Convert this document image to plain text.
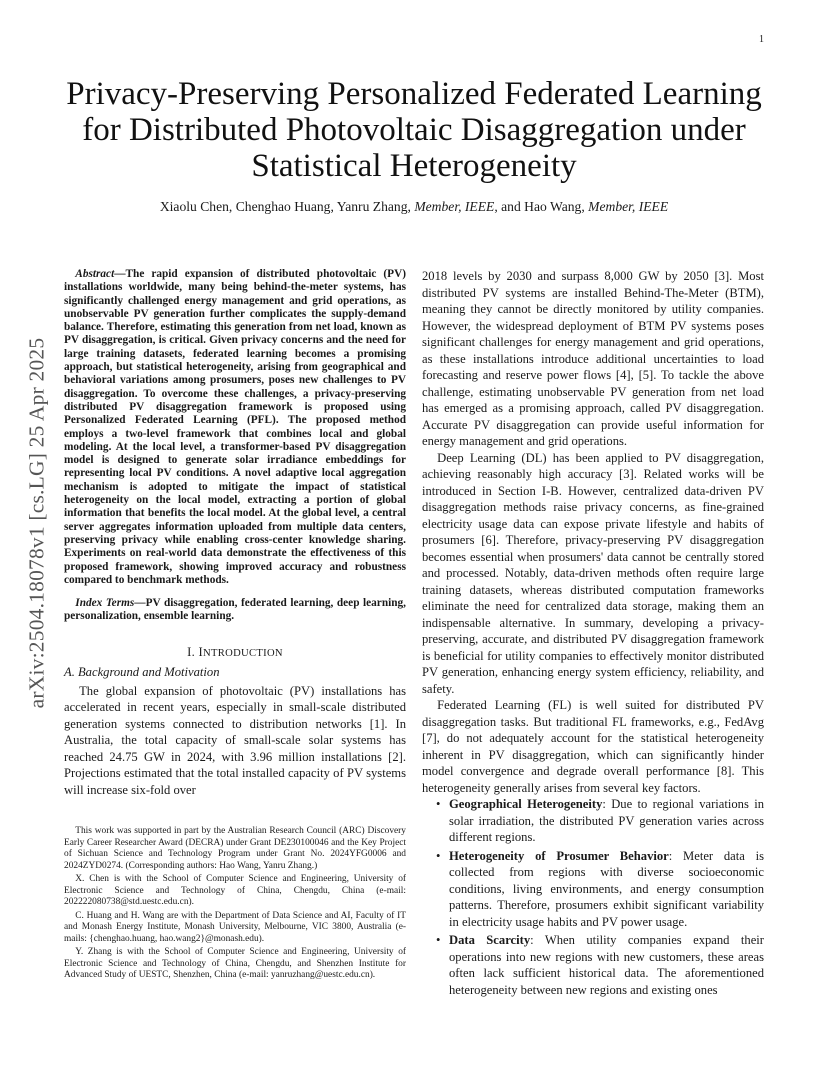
1
arXiv:2504.18078v1 [cs.LG] 25 Apr 2025
Privacy-Preserving Personalized Federated Learning
for Distributed Photovoltaic Disaggregation under
Statistical Heterogeneity
Xiaolu Chen, Chenghao Huang, Yanru Zhang, Member, IEEE, and Hao Wang, Member, IEEE

Abstract—The rapid expansion of distributed photovoltaic (PV) installations worldwide, many being behind-the-meter systems, has significantly challenged energy management and grid operations, as unobservable PV generation further complicates the supply-demand balance. Therefore, estimating this generation from net load, known as PV disaggregation, is critical. Given privacy concerns and the need for large training datasets, federated learning becomes a promising approach, but statistical heterogeneity, arising from geographical and behavioral variations among prosumers, poses new challenges to PV disaggregation. To overcome these challenges, a privacy-preserving distributed PV disaggregation framework is proposed using Personalized Federated Learning (PFL). The proposed method employs a two-level framework that combines local and global modeling. At the local level, a transformer-based PV disaggregation model is designed to generate solar irradiance embeddings for representing local PV conditions. A novel adaptive local aggregation mechanism is adopted to mitigate the impact of statistical heterogeneity on the local model, extracting a portion of global information that benefits the local model. At the global level, a central server aggregates information uploaded from multiple data centers, preserving privacy while enabling cross-center knowledge sharing. Experiments on real-world data demonstrate the effectiveness of this proposed framework, showing improved accuracy and robustness compared to benchmark methods.

Index Terms—PV disaggregation, federated learning, deep learning, personalization, ensemble learning.

I. INTRODUCTION
A. Background and Motivation

The global expansion of photovoltaic (PV) installations has accelerated in recent years, especially in small-scale distributed generation systems connected to distribution networks [1]. In Australia, the total capacity of small-scale solar systems has reached 24.75 GW in 2024, with 3.96 million installations [2]. Projections estimated that the total installed capacity of PV systems will increase six-fold over

This work was supported in part by the Australian Research Council (ARC) Discovery Early Career Researcher Award (DECRA) under Grant DE230100046 and the Key Project of Sichuan Science and Technology Program under Grant No. 2024YFG0006 and 2024ZYD0274. (Corresponding authors: Hao Wang, Yanru Zhang.)

X. Chen is with the School of Computer Science and Engineering, University of Electronic Science and Technology of China, Chengdu, China (e-mail: 202222080738@std.uestc.edu.cn).

C. Huang and H. Wang are with the Department of Data Science and AI, Faculty of IT and Monash Energy Institute, Monash University, Melbourne, VIC 3800, Australia (e-mails: {chenghao.huang, hao.wang2}@monash.edu).

Y. Zhang is with the School of Computer Science and Engineering, University of Electronic Science and Technology of China, Chengdu, and Shenzhen Institute for Advanced Study of UESTC, Shenzhen, China (e-mail: yanruzhang@uestc.edu.cn).

2018 levels by 2030 and surpass 8,000 GW by 2050 [3]. Most distributed PV systems are installed Behind-The-Meter (BTM), meaning they cannot be directly monitored by utility companies. However, the widespread deployment of BTM PV systems poses significant challenges for energy management and grid operations, as these installations introduce additional uncertainties to load forecasting and reserve power flows [4], [5]. To tackle the above challenge, estimating unobservable PV generation from net load has emerged as a promising approach, called PV disaggregation. Accurate PV disaggregation can provide useful information for energy management and grid operations.

Deep Learning (DL) has been applied to PV disaggregation, achieving reasonably high accuracy [3]. Related works will be introduced in Section I-B. However, centralized data-driven PV disaggregation methods raise privacy concerns, as fine-grained electricity usage data can expose private lifestyle and habits of prosumers [6]. Therefore, privacy-preserving PV disaggregation becomes essential when prosumers' data cannot be centrally stored and processed. Notably, data-driven methods often require large training datasets, whereas distributed computation frameworks eliminate the need for centralized data storage, making them an indispensable alternative. In summary, developing a privacy-preserving, accurate, and distributed PV disaggregation framework is beneficial for utility companies to effectively monitor distributed PV generation, enhancing energy system efficiency, reliability, and safety.

Federated Learning (FL) is well suited for distributed PV disaggregation tasks. But traditional FL frameworks, e.g., FedAvg [7], do not adequately account for the statistical heterogeneity inherent in PV disaggregation, which can significantly hinder model convergence and degrade overall performance [8]. This heterogeneity generally arises from several key factors.

• Geographical Heterogeneity: Due to regional variations in solar irradiation, the distributed PV generation varies across different regions.
• Heterogeneity of Prosumer Behavior: Meter data is collected from regions with diverse socioeconomic conditions, living environments, and energy consumption patterns. Therefore, prosumers exhibit significant variability in electricity usage habits and PV power usage.
• Data Scarcity: When utility companies expand their operations into new regions with new customers, these areas often lack sufficient historical data. The aforementioned heterogeneity between new regions and existing ones
